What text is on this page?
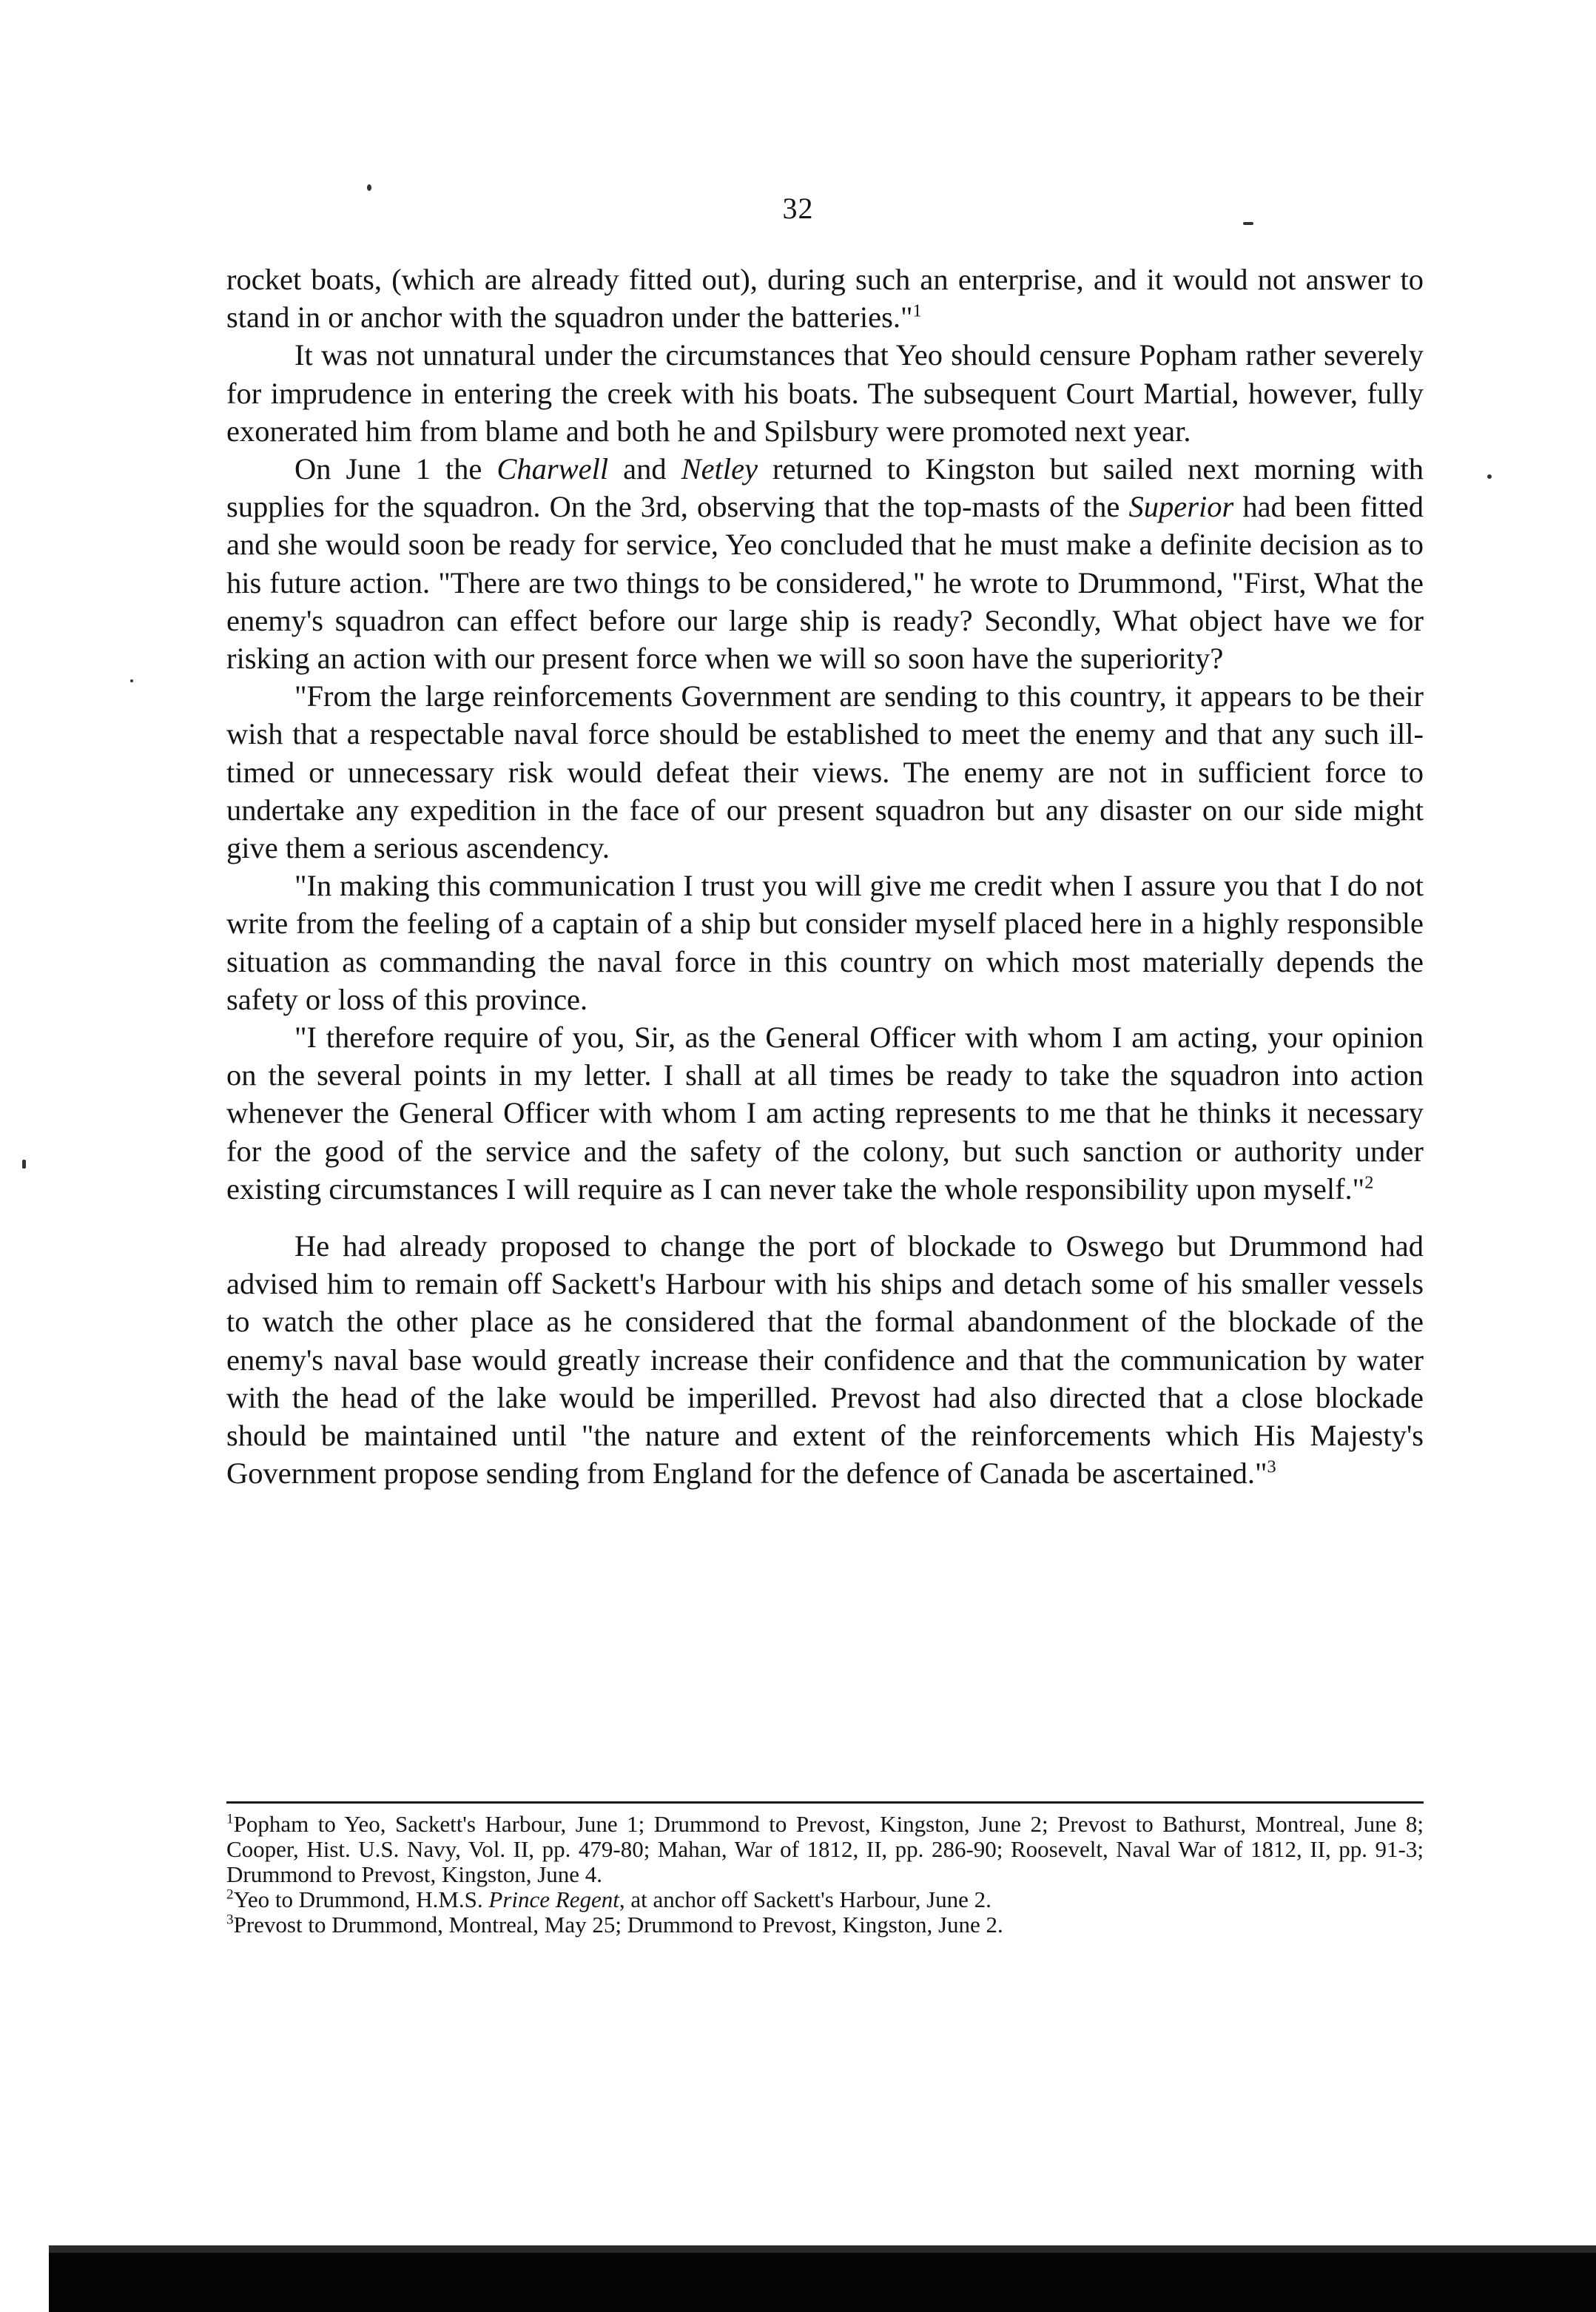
32

rocket boats, (which are already fitted out), during such an enterprise, and it would not answer to stand in or anchor with the squadron under the batteries."$^1$

It was not unnatural under the circumstances that Yeo should censure Popham rather severely for imprudence in entering the creek with his boats. The subsequent Court Martial, however, fully exonerated him from blame and both he and Spilsbury were promoted next year.

On June 1 the Charwell and Netley returned to Kingston but sailed next morning with supplies for the squadron. On the 3rd, observing that the top-masts of the Superior had been fitted and she would soon be ready for service, Yeo concluded that he must make a definite decision as to his future action. "There are two things to be considered," he wrote to Drummond, "First, What the enemy's squadron can effect before our large ship is ready? Secondly, What object have we for risking an action with our present force when we will so soon have the superiority?

"From the large reinforcements Government are sending to this country, it appears to be their wish that a respectable naval force should be established to meet the enemy and that any such ill-timed or unnecessary risk would defeat their views. The enemy are not in sufficient force to undertake any expedition in the face of our present squadron but any disaster on our side might give them a serious ascendency.

"In making this communication I trust you will give me credit when I assure you that I do not write from the feeling of a captain of a ship but consider myself placed here in a highly responsible situation as commanding the naval force in this country on which most materially depends the safety or loss of this province.

"I therefore require of you, Sir, as the General Officer with whom I am acting, your opinion on the several points in my letter. I shall at all times be ready to take the squadron into action whenever the General Officer with whom I am acting represents to me that he thinks it necessary for the good of the service and the safety of the colony, but such sanction or authority under existing circumstances I will require as I can never take the whole responsibility upon myself."$^2$

He had already proposed to change the port of blockade to Oswego but Drummond had advised him to remain off Sackett's Harbour with his ships and detach some of his smaller vessels to watch the other place as he considered that the formal abandonment of the blockade of the enemy's naval base would greatly increase their confidence and that the communication by water with the head of the lake would be imperilled. Prevost had also directed that a close blockade should be maintained until "the nature and extent of the reinforcements which His Majesty's Government propose sending from England for the defence of Canada be ascertained."$^3$

$^1$Popham to Yeo, Sackett's Harbour, June 1; Drummond to Prevost, Kingston, June 2; Prevost to Bathurst, Montreal, June 8; Cooper, Hist. U.S. Navy, Vol. II, pp. 479-80; Mahan, War of 1812, II, pp. 286-90; Roosevelt, Naval War of 1812, II, pp. 91-3; Drummond to Prevost, Kingston, June 4.

$^2$Yeo to Drummond, H.M.S. Prince Regent, at anchor off Sackett's Harbour, June 2.

$^3$Prevost to Drummond, Montreal, May 25; Drummond to Prevost, Kingston, June 2.
